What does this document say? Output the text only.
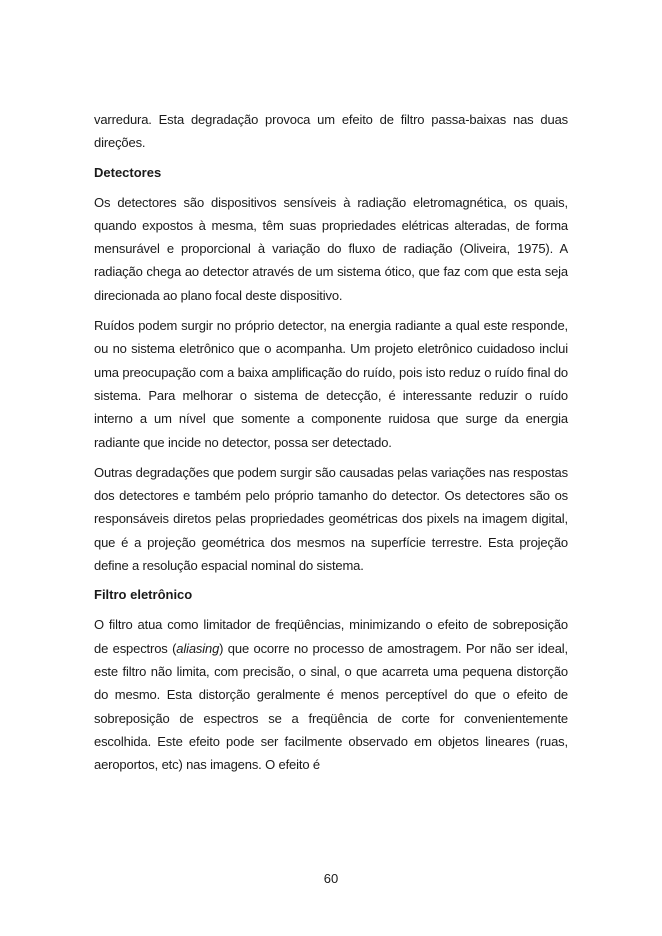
varredura. Esta degradação provoca um efeito de filtro passa-baixas nas duas direções.

Detectores

Os detectores são dispositivos sensíveis à radiação eletromagnética, os quais, quando expostos à mesma, têm suas propriedades elétricas alteradas, de forma mensurável e proporcional à variação do fluxo de radiação (Oliveira, 1975). A radiação chega ao detector através de um sistema ótico, que faz com que esta seja direcionada ao plano focal deste dispositivo.

Ruídos podem surgir no próprio detector, na energia radiante a qual este responde, ou no sistema eletrônico que o acompanha. Um projeto eletrônico cuidadoso inclui uma preocupação com a baixa amplificação do ruído, pois isto reduz o ruído final do sistema. Para melhorar o sistema de detecção, é interessante reduzir o ruído interno a um nível que somente a componente ruidosa que surge da energia radiante que incide no detector, possa ser detectado.

Outras degradações que podem surgir são causadas pelas variações nas respostas dos detectores e também pelo próprio tamanho do detector. Os detectores são os responsáveis diretos pelas propriedades geométricas dos pixels na imagem digital, que é a projeção geométrica dos mesmos na superfície terrestre. Esta projeção define a resolução espacial nominal do sistema.

Filtro eletrônico

O filtro atua como limitador de freqüências, minimizando o efeito de sobreposição de espectros (aliasing) que ocorre no processo de amostragem. Por não ser ideal, este filtro não limita, com precisão, o sinal, o que acarreta uma pequena distorção do mesmo. Esta distorção geralmente é menos perceptível do que o efeito de sobreposição de espectros se a freqüência de corte for convenientemente escolhida. Este efeito pode ser facilmente observado em objetos lineares (ruas, aeroportos, etc) nas imagens. O efeito é

60
